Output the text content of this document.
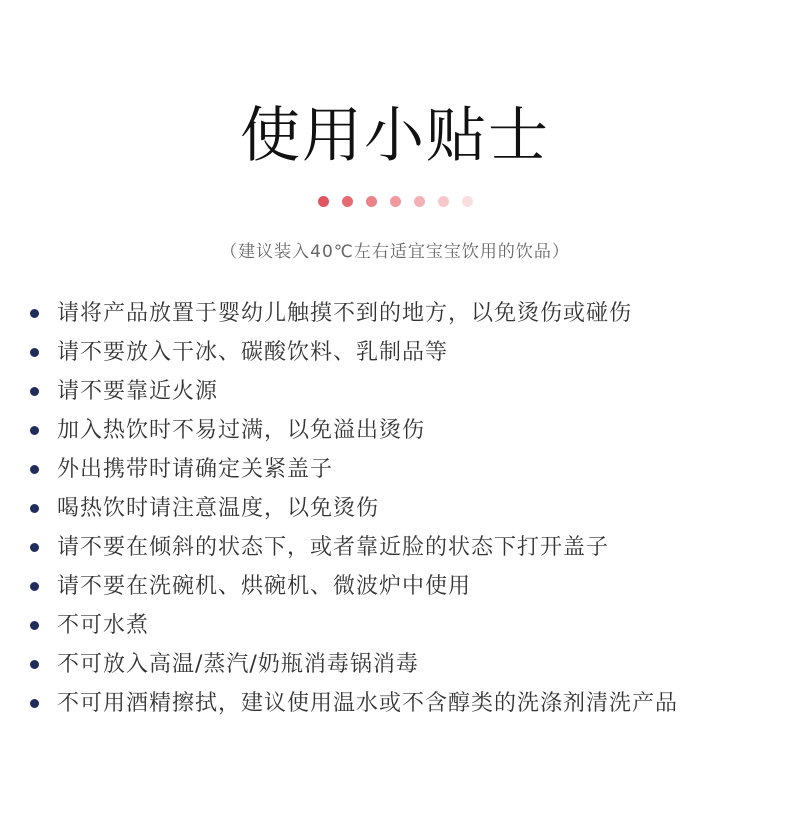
使用小贴士
（建议装入40℃左右适宜宝宝饮用的饮品）
请将产品放置于婴幼儿触摸不到的地方，以免烫伤或碰伤
请不要放入干冰、碳酸饮料、乳制品等
请不要靠近火源
加入热饮时不易过满，以免溢出烫伤
外出携带时请确定关紧盖子
喝热饮时请注意温度，以免烫伤
请不要在倾斜的状态下，或者靠近脸的状态下打开盖子
请不要在洗碗机、烘碗机、微波炉中使用
不可水煮
不可放入高温/蒸汽/奶瓶消毒锅消毒
不可用酒精擦拭，建议使用温水或不含醇类的洗涤剂清洗产品
